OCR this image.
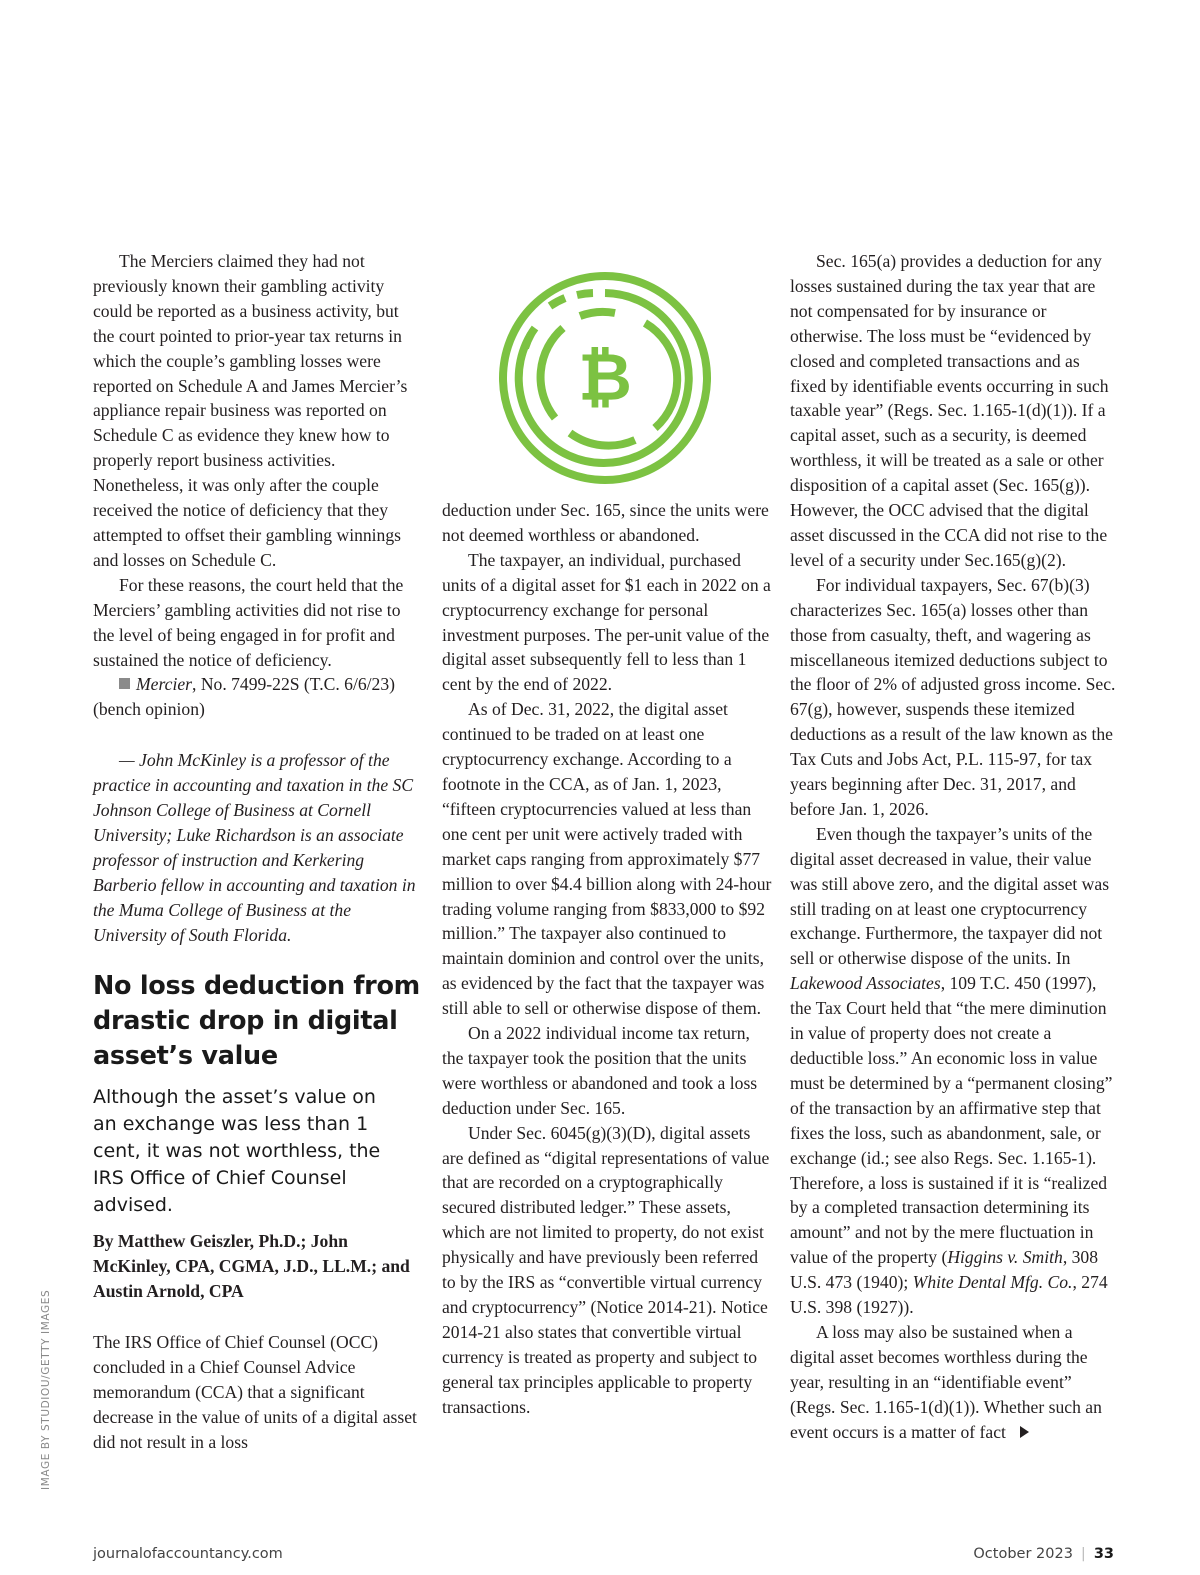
IMAGE BY STUDIOU/GETTY IMAGES
₿

The Merciers claimed they had not previously known their gambling activity could be reported as a business activity, but the court pointed to prior-year tax returns in which the couple’s gambling losses were reported on Schedule A and James Mercier’s appliance repair business was reported on Schedule C as evidence they knew how to properly report business activities. Nonetheless, it was only after the couple received the notice of deficiency that they attempted to offset their gambling winnings and losses on Schedule C.

For these reasons, the court held that the Merciers’ gambling activities did not rise to the level of being engaged in for profit and sustained the notice of deficiency.

Mercier, No. 7499-22S (T.C. 6/6/23) (bench opinion)

— John McKinley is a professor of the practice in accounting and taxation in the SC Johnson College of Business at Cornell University; Luke Richardson is an associate professor of instruction and Kerkering Barberio fellow in accounting and taxation in the Muma College of Business at the University of South Florida.

No loss deduction from drastic drop in digital asset’s value
Although the asset’s value on an exchange was less than 1 cent, it was not worthless, the IRS Office of Chief Counsel advised.

By Matthew Geiszler, Ph.D.; John McKinley, CPA, CGMA, J.D., LL.M.; and Austin Arnold, CPA

The IRS Office of Chief Counsel (OCC) concluded in a Chief Counsel Advice memorandum (CCA) that a significant decrease in the value of units of a digital asset did not result in a loss

deduction under Sec. 165, since the units were not deemed worthless or abandoned.

The taxpayer, an individual, purchased units of a digital asset for $1 each in 2022 on a cryptocurrency exchange for personal investment purposes. The per-unit value of the digital asset subsequently fell to less than 1 cent by the end of 2022.

As of Dec. 31, 2022, the digital asset continued to be traded on at least one cryptocurrency exchange. According to a footnote in the CCA, as of Jan. 1, 2023, “fifteen cryptocurrencies valued at less than one cent per unit were actively traded with market caps ranging from approximately $77 million to over $4.4 billion along with 24-hour trading volume ranging from $833,000 to $92 million.” The taxpayer also continued to maintain dominion and control over the units, as evidenced by the fact that the taxpayer was still able to sell or otherwise dispose of them.

On a 2022 individual income tax return, the taxpayer took the position that the units were worthless or abandoned and took a loss deduction under Sec. 165.

Under Sec. 6045(g)(3)(D), digital assets are defined as “digital representations of value that are recorded on a cryptographically secured distributed ledger.” These assets, which are not limited to property, do not exist physically and have previously been referred to by the IRS as “convertible virtual currency and cryptocurrency” (Notice 2014-21). Notice 2014-21 also states that convertible virtual currency is treated as property and subject to general tax principles applicable to property transactions.

Sec. 165(a) provides a deduction for any losses sustained during the tax year that are not compensated for by insurance or otherwise. The loss must be “evidenced by closed and completed transactions and as fixed by identifiable events occurring in such taxable year” (Regs. Sec. 1.165-1(d)(1)). If a capital asset, such as a security, is deemed worthless, it will be treated as a sale or other disposition of a capital asset (Sec. 165(g)). However, the OCC advised that the digital asset discussed in the CCA did not rise to the level of a security under Sec.165(g)(2).

For individual taxpayers, Sec. 67(b)(3) characterizes Sec. 165(a) losses other than those from casualty, theft, and wagering as miscellaneous itemized deductions subject to the floor of 2% of adjusted gross income. Sec. 67(g), however, suspends these itemized deductions as a result of the law known as the Tax Cuts and Jobs Act, P.L. 115-97, for tax years beginning after Dec. 31, 2017, and before Jan. 1, 2026.

Even though the taxpayer’s units of the digital asset decreased in value, their value was still above zero, and the digital asset was still trading on at least one cryptocurrency exchange. Furthermore, the taxpayer did not sell or otherwise dispose of the units. In Lakewood Associates, 109 T.C. 450 (1997), the Tax Court held that “the mere diminution in value of property does not create a deductible loss.” An economic loss in value must be determined by a “permanent closing” of the transaction by an affirmative step that fixes the loss, such as abandonment, sale, or exchange (id.; see also Regs. Sec. 1.165-1). Therefore, a loss is sustained if it is “realized by a completed transaction determining its amount” and not by the mere fluctuation in value of the property (Higgins v. Smith, 308 U.S. 473 (1940); White Dental Mfg. Co., 274 U.S. 398 (1927)).

A loss may also be sustained when a digital asset becomes worthless during the year, resulting in an “identifiable event” (Regs. Sec. 1.165-1(d)(1)). Whether such an event occurs is a matter of fact

journalofaccountancy.com	October 2023 | 33
